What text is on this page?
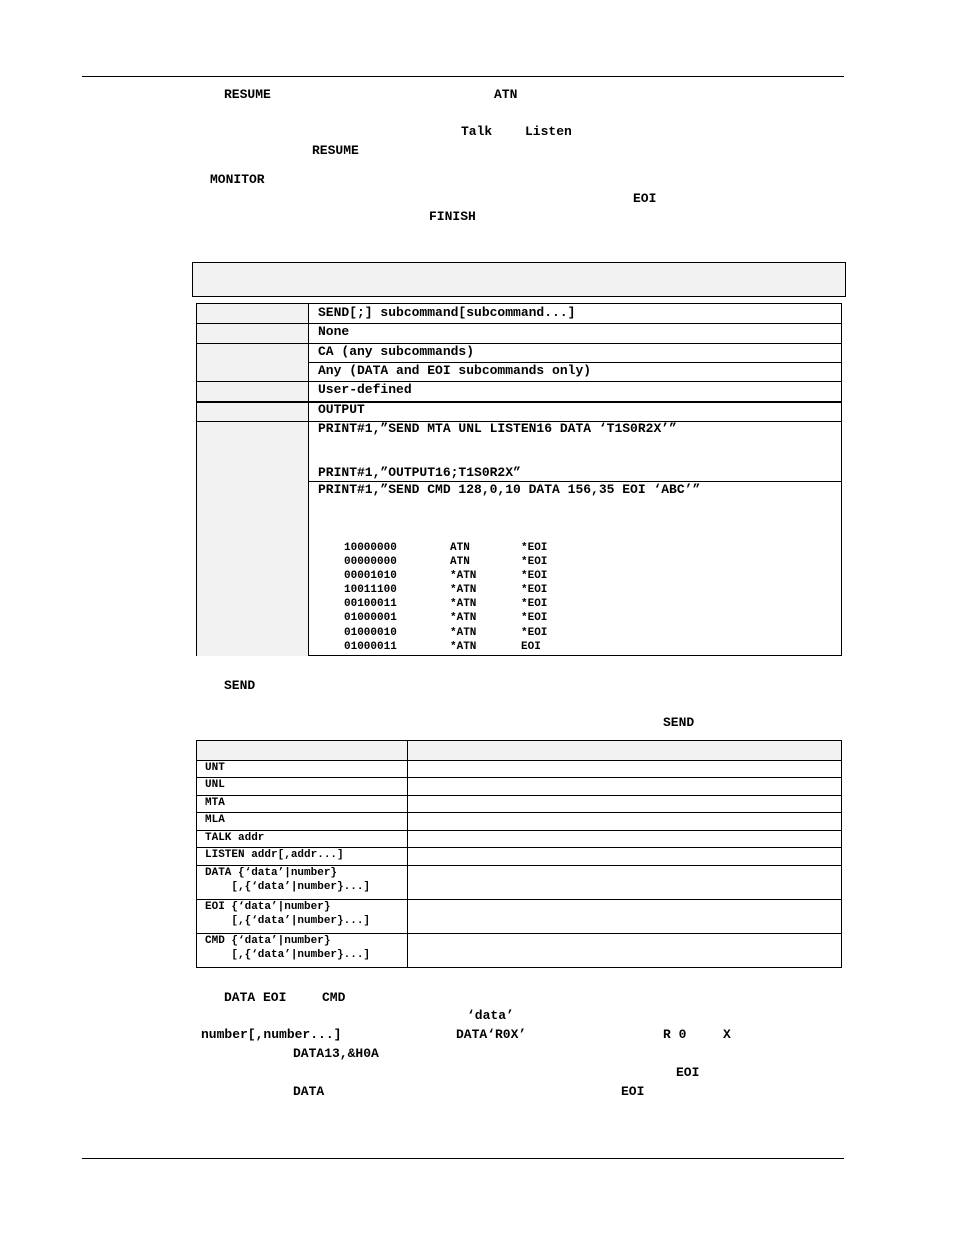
RESUME	ATN
Talk	Listen
RESUME
MONITOR
EOI
FINISH
SEND[;] subcommand[subcommand...]
None
CA (any subcommands)
Any (DATA and EOI subcommands only)
User-defined
OUTPUT
PRINT#1,”SEND MTA UNL LISTEN16 DATA ‘T1S0R2X’”
PRINT#1,”OUTPUT16;T1S0R2X”
PRINT#1,”SEND CMD 128,0,10 DATA 156,35 EOI ‘ABC’”
10000000	ATN	*EOI
00000000	ATN	*EOI
00001010	*ATN	*EOI
10011100	*ATN	*EOI
00100011	*ATN	*EOI
01000001	*ATN	*EOI
01000010	*ATN	*EOI
01000011	*ATN	EOI
SEND
SEND
UNT
UNL
MTA
MLA
TALK addr
LISTEN addr[,addr...]
DATA {‘data’|number}
[,{‘data’|number}...]
EOI {‘data’|number}
[,{‘data’|number}...]
CMD {‘data’|number}
[,{‘data’|number}...]
DATA EOI	CMD
‘data’
number[,number...]	DATA‘R0X’	R 0	X
DATA13,&H0A
EOI
DATA	EOI
